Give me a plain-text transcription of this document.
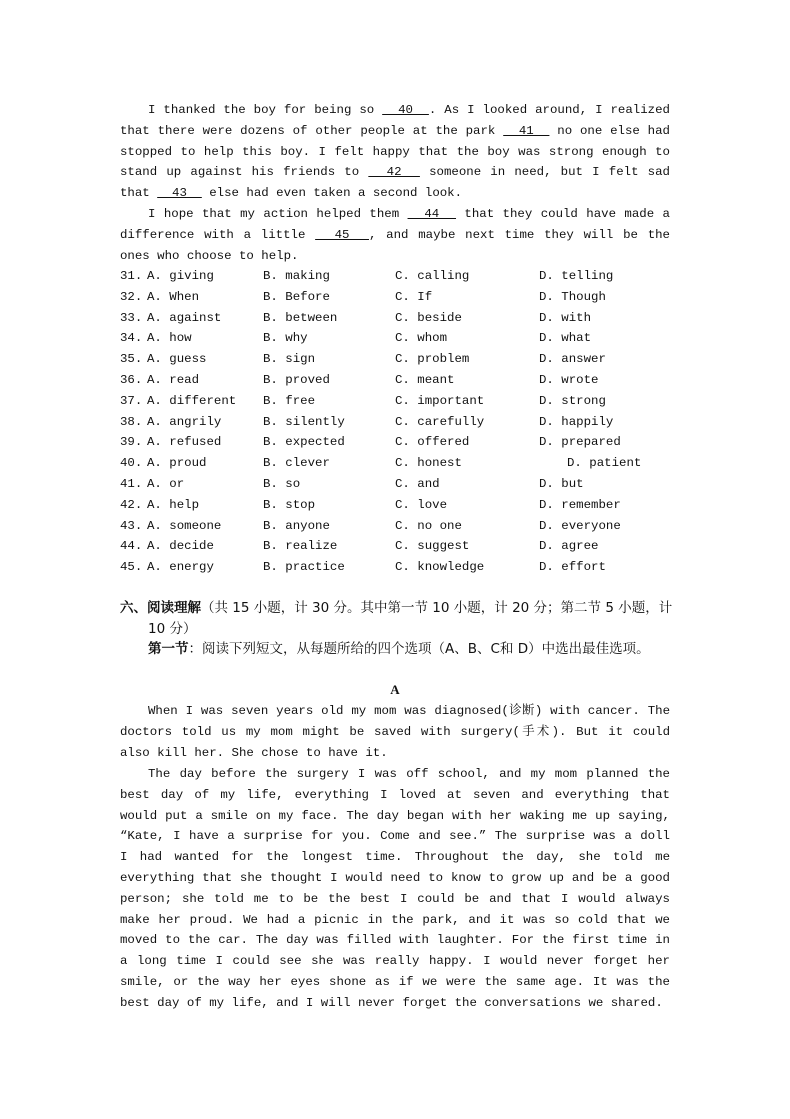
I thanked the boy for being so   40  . As I looked around, I realized that there were dozens of other people at the park   41   no one else had stopped to help this boy. I felt happy that the boy was strong enough to stand up against his friends to   42   someone in need, but I felt sad that   43   else had even taken a second look.

I hope that my action helped them   44   that they could have made a difference with a little   45  , and maybe next time they will be the ones who choose to help.

31. A. giving	B. making	C. calling	D. telling
32. A. When	B. Before	C. If	D. Though
33. A. against	B. between	C. beside	D. with
34. A. how	B. why	C. whom	D. what
35. A. guess	B. sign	C. problem	D. answer
36. A. read	B. proved	C. meant	D. wrote
37. A. different B. free	C. important	D. strong
38. A. angrily	B. silently	C. carefully	D. happily
39. A. refused	B. expected	C. offered	D. prepared
40. A. proud	B. clever	C. honest	D. patient
41. A. or	B. so	C. and	D. but
42. A. help	B. stop	C. love	D. remember
43. A. someone	B. anyone	C. no one	D. everyone
44. A. decide	B. realize	C. suggest	D. agree
45. A. energy	B. practice	C. knowledge	D. effort
六、阅读理解（共 15 小题，计 30 分。其中第一节 10 小题，计 20 分；第二节 5 小题，计
10 分）
第一节：阅读下列短文，从每题所给的四个选项（A、B、C和 D）中选出最佳选项。
A

When I was seven years old my mom was diagnosed(诊断) with cancer. The doctors told us my mom might be saved with surgery(手术). But it could also kill her. She chose to have it.

The day before the surgery I was off school, and my mom planned the best day of my life, everything I loved at seven and everything that would put a smile on my face. The day began with her waking me up saying, “Kate, I have a surprise for you. Come and see.” The surprise was a doll I had wanted for the longest time. Throughout the day, she told me everything that she thought I would need to know to grow up and be a good person; she told me to be the best I could be and that I would always make her proud. We had a picnic in the park, and it was so cold that we moved to the car. The day was filled with laughter. For the first time in a long time I could see she was really happy. I would never forget her smile, or the way her eyes shone as if we were the same age. It was the best day of my life, and I will never forget the conversations we shared.
